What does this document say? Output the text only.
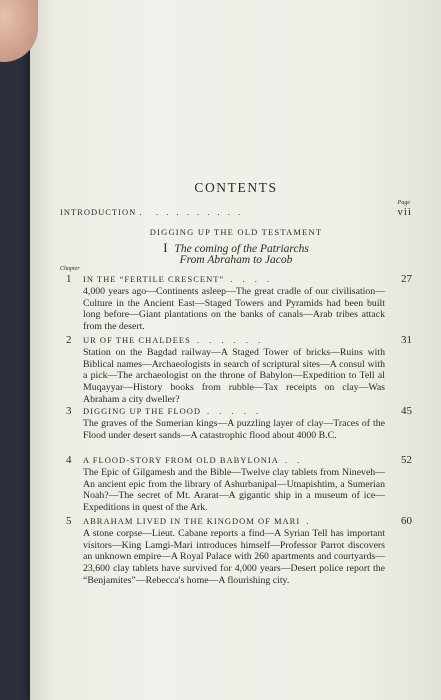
CONTENTS
Page
INTRODUCTION . . . . . . . . . .	vii
DIGGING UP THE OLD TESTAMENT
I The coming of the Patriarchs
From Abraham to Jacob
Chapter
1 IN THE “FERTILE CRESCENT” . . . .	27
4,000 years ago—Continents asleep—The great cradle of our civilisation—Culture in the Ancient East—Staged Towers and Pyramids had been built long before—Giant plantations on the banks of canals—Arab tribes attack from the desert.
2 UR OF THE CHALDEES . . . . . .	31
Station on the Bagdad railway—A Staged Tower of bricks—Ruins with Biblical names—Archaeologists in search of scriptural sites—A consul with a pick—The archaeologist on the throne of Babylon—Expedition to Tell al Muqayyar—History books from rubble—Tax receipts on clay—Was Abraham a city dweller?
3 DIGGING UP THE FLOOD . . . . .	45
The graves of the Sumerian kings—A puzzling layer of clay—Traces of the Flood under desert sands—A catastrophic flood about 4000 B.C.
4 A FLOOD-STORY FROM OLD BABYLONIA . .	52
The Epic of Gilgamesh and the Bible—Twelve clay tablets from Nineveh—An ancient epic from the library of Ashurbanipal—Utnapishtim, a Sumerian Noah?—The secret of Mt. Ararat—A gigantic ship in a museum of ice—Expeditions in quest of the Ark.
5 ABRAHAM LIVED IN THE KINGDOM OF MARI .	60
A stone corpse—Lieut. Cabane reports a find—A Syrian Tell has important visitors—King Lamgi-Mari introduces himself—Professor Parrot discovers an unknown empire—A Royal Palace with 260 apartments and courtyards—23,600 clay tablets have survived for 4,000 years—Desert police report the “Benjamites”—Rebecca's home—A flourishing city.
